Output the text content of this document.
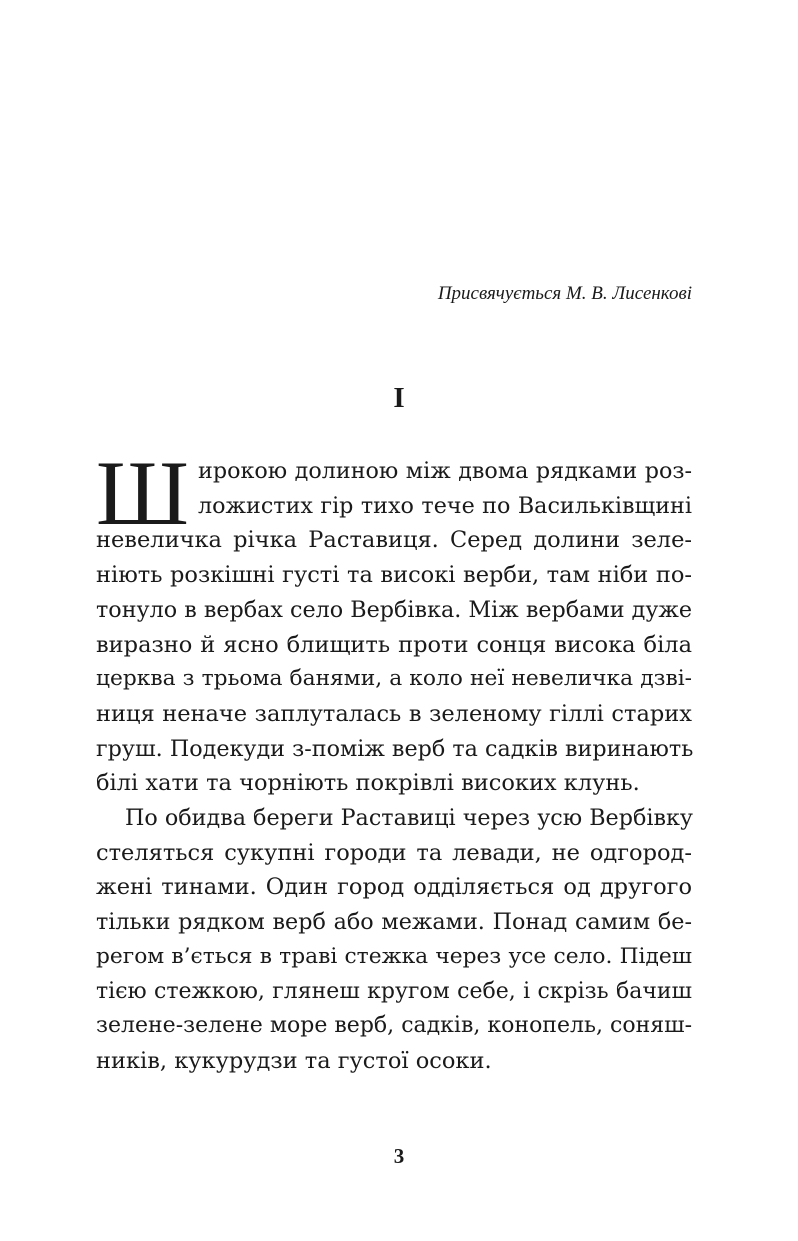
Присвячується М. В. Лисенкові
I
Ш ирокою долиною між двома рядками роз-
ложистих гір тихо тече по Васильківщині
невеличка річка Раставиця. Серед долини зеле-
ніють розкішні густі та високі верби, там ніби по-
тонуло в вербах село Вербівка. Між вербами дуже
виразно й ясно блищить проти сонця висока біла
церква з трьома банями, а коло неї невеличка дзві-
ниця неначе заплуталась в зеленому гіллі старих
груш. Подекуди з-поміж верб та садків виринають
білі хати та чорніють покрівлі високих клунь.
По обидва береги Раставиці через усю Вербівку
стеляться сукупні городи та левади, не одгород-
жені тинами. Один город одділяється од другого
тільки рядком верб або межами. Понад самим бе-
регом в’ється в траві стежка через усе село. Підеш
тією стежкою, глянеш кругом себе, і скрізь бачиш
зелене-зелене море верб, садків, конопель, соняш-
ників, кукурудзи та густої осоки.
3
